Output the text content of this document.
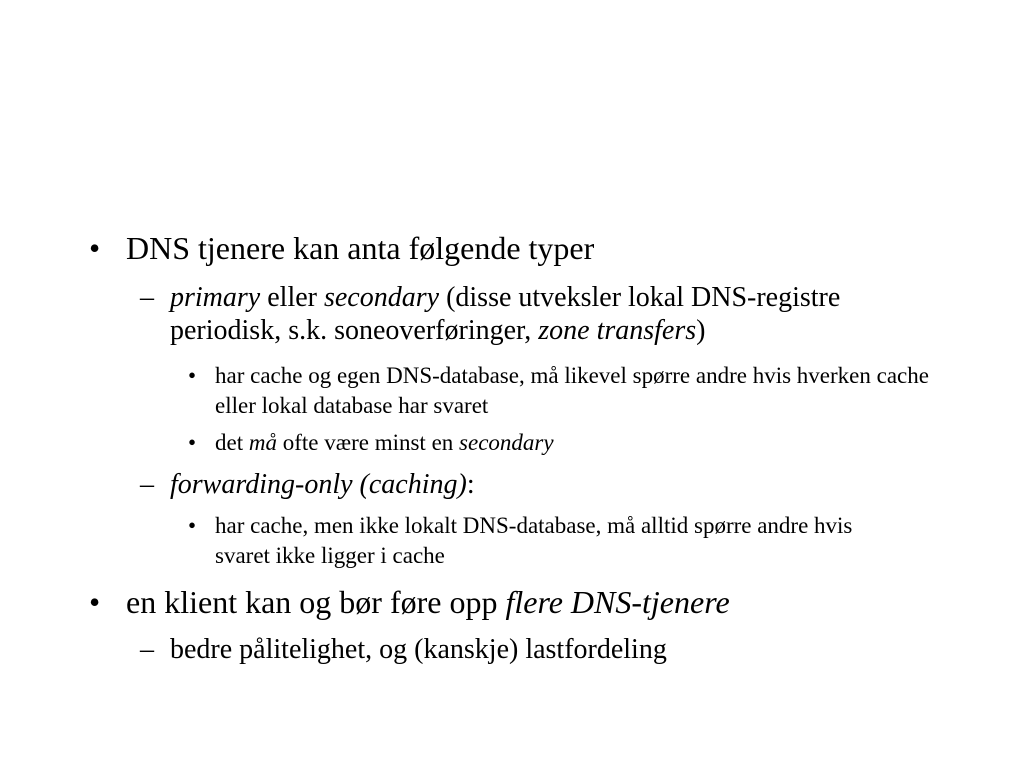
• DNS tjenere kan anta følgende typer
– primary eller secondary (disse utveksler lokal DNS-registre periodisk, s.k. soneoverføringer, zone transfers)
• har cache og egen DNS-database, må likevel spørre andre hvis hverken cache eller lokal database har svaret
• det må ofte være minst en secondary
– forwarding-only (caching):
• har cache, men ikke lokalt DNS-database, må alltid spørre andre hvis svaret ikke ligger i cache
• en klient kan og bør føre opp flere DNS-tjenere
– bedre pålitelighet, og (kanskje) lastfordeling
